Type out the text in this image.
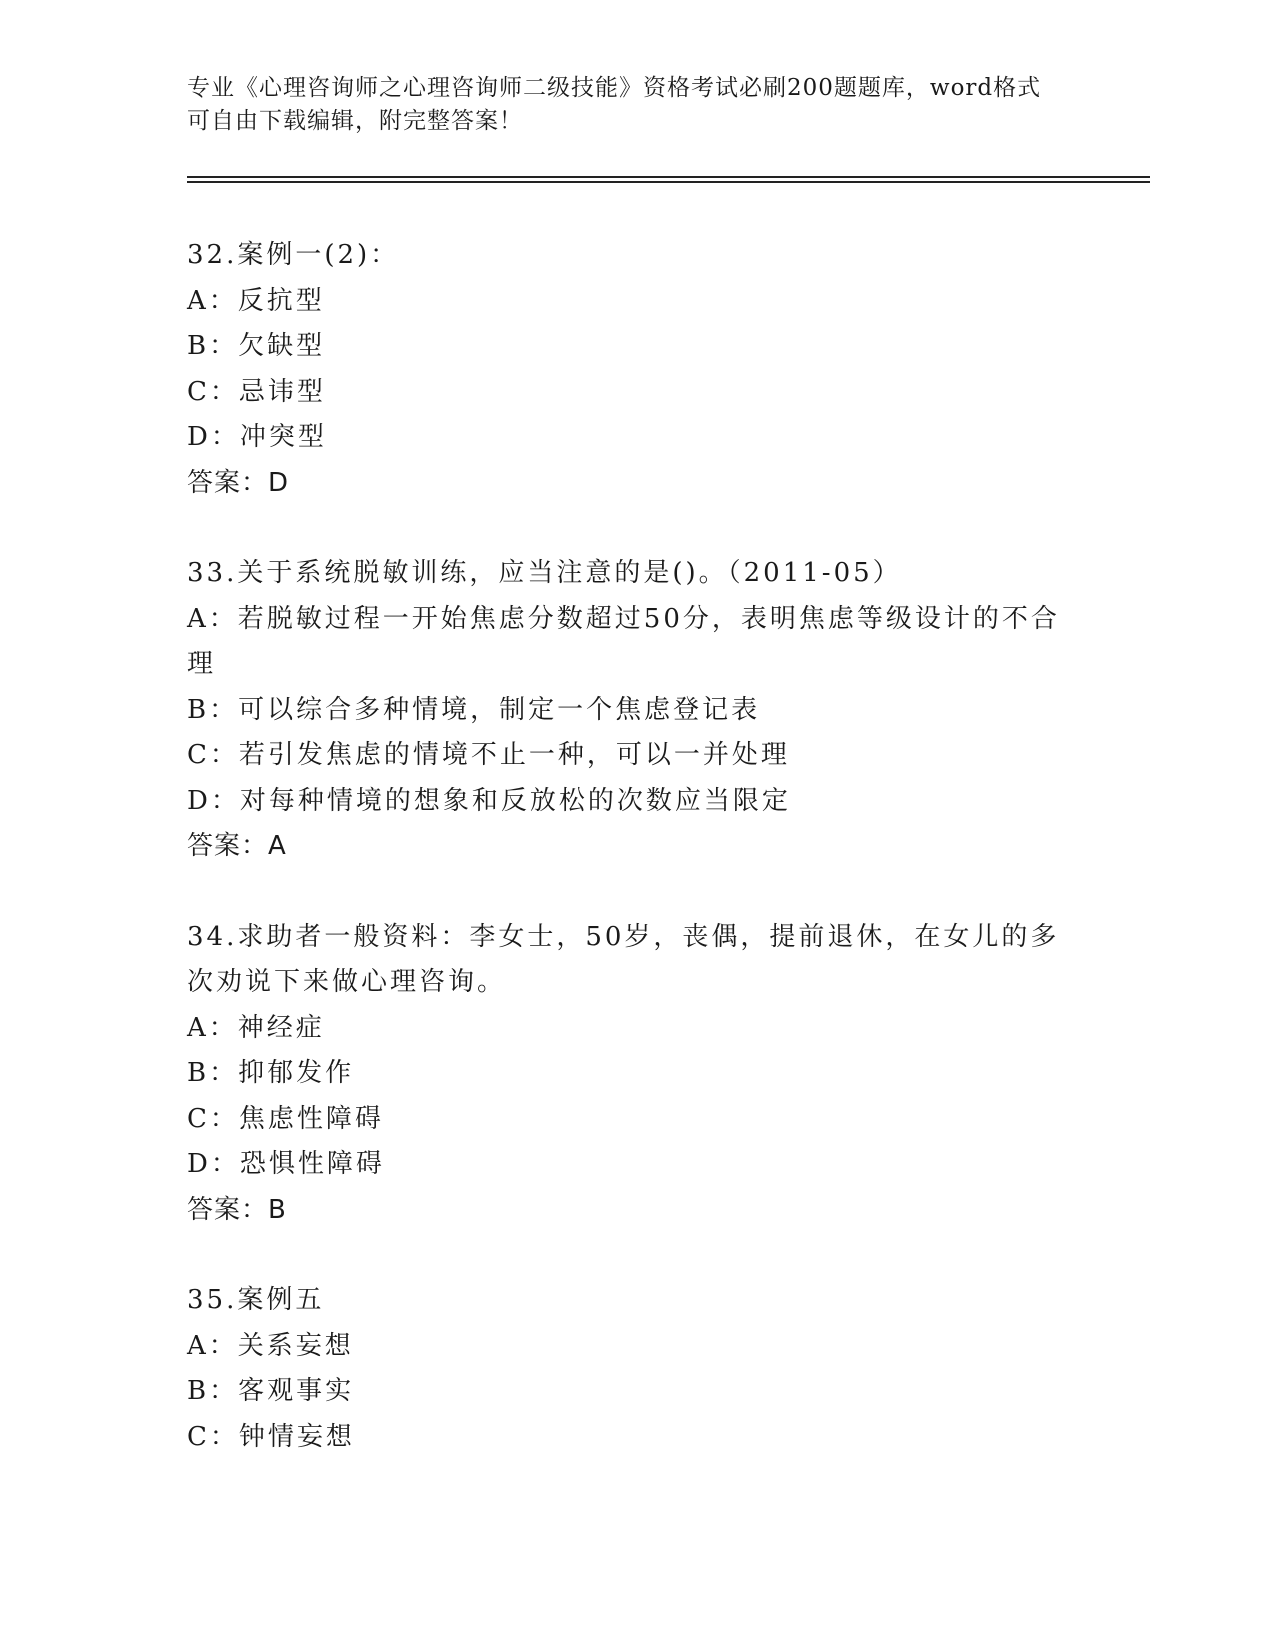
专业《心理咨询师之心理咨询师二级技能》资格考试必刷200题题库，word格式
可自由下载编辑，附完整答案！
32.案例一(2)：
A：反抗型
B：欠缺型
C：忌讳型
D：冲突型
答案：D
33.关于系统脱敏训练，应当注意的是()。（2011-05）
A：若脱敏过程一开始焦虑分数超过50分，表明焦虑等级设计的不合理
B：可以综合多种情境，制定一个焦虑登记表
C：若引发焦虑的情境不止一种，可以一并处理
D：对每种情境的想象和反放松的次数应当限定
答案：A
34.求助者一般资料：李女士，50岁，丧偶，提前退休，在女儿的多次劝说下来做心理咨询。
A：神经症
B：抑郁发作
C：焦虑性障碍
D：恐惧性障碍
答案：B
35.案例五
A：关系妄想
B：客观事实
C：钟情妄想
